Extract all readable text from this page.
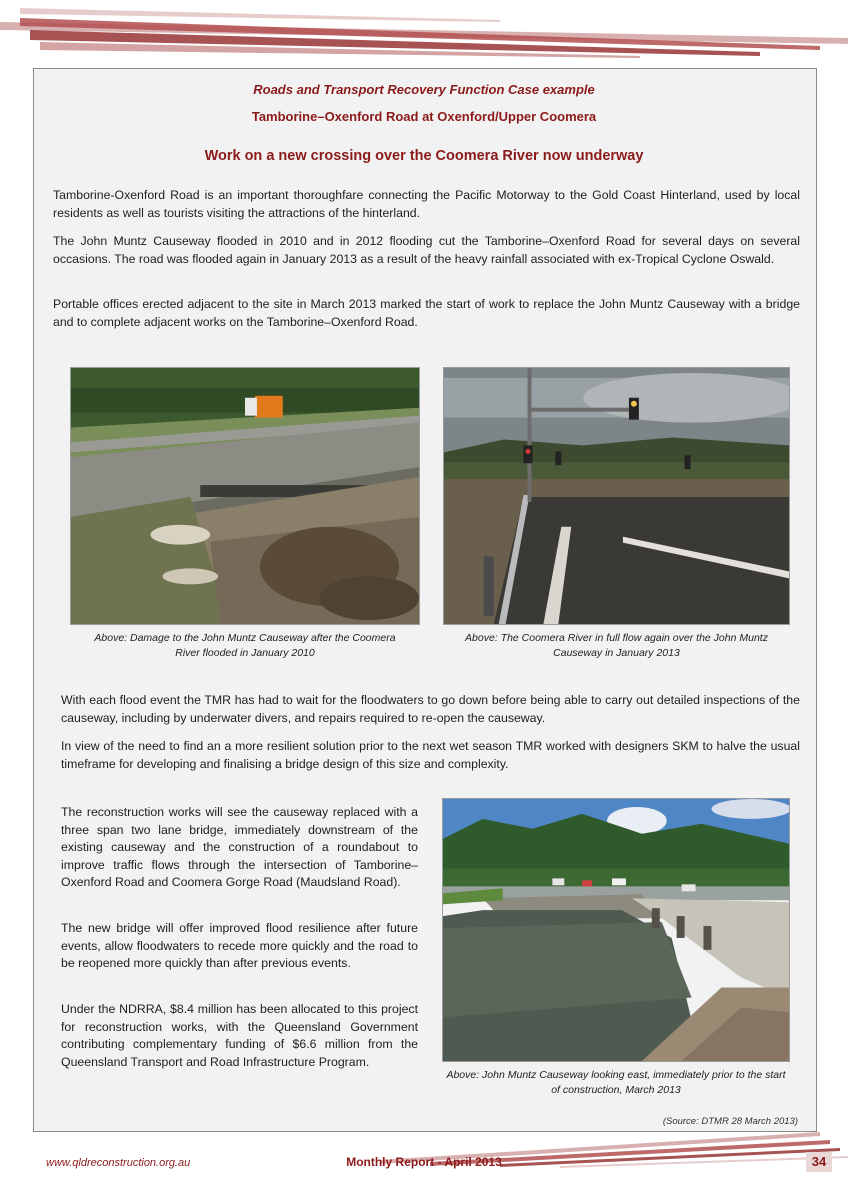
Roads and Transport Recovery Function Case example
Tamborine–Oxenford Road at Oxenford/Upper Coomera
Work on a new crossing over the Coomera River now underway

Tamborine-Oxenford Road is an important thoroughfare connecting the Pacific Motorway to the Gold Coast Hinterland, used by local residents as well as tourists visiting the attractions of the hinterland.

The John Muntz Causeway flooded in 2010 and in 2012 flooding cut the Tamborine–Oxenford Road for several days on several occasions. The road was flooded again in January 2013 as a result of the heavy rainfall associated with ex-Tropical Cyclone Oswald.

Portable offices erected adjacent to the site in March 2013 marked the start of work to replace the John Muntz Causeway with a bridge and to complete adjacent works on the Tamborine–Oxenford Road.

Above: Damage to the John Muntz Causeway after the Coomera River flooded in January 2010

Above: The Coomera River in full flow again over the John Muntz Causeway in January 2013

With each flood event the TMR has had to wait for the floodwaters to go down before being able to carry out detailed inspections of the causeway, including by underwater divers, and repairs required to re-open the causeway.

In view of the need to find an a more resilient solution prior to the next wet season TMR worked with designers SKM to halve the usual timeframe for developing and finalising a bridge design of this size and complexity.

The reconstruction works will see the causeway replaced with a three span two lane bridge, immediately downstream of the existing causeway and the construction of a roundabout to improve traffic flows through the intersection of Tamborine–Oxenford Road and Coomera Gorge Road (Maudsland Road).

The new bridge will offer improved flood resilience after future events, allow floodwaters to recede more quickly and the road to be reopened more quickly than after previous events.

Under the NDRRA, $8.4 million has been allocated to this project for reconstruction works, with the Queensland Government contributing complementary funding of $6.6 million from the Queensland Transport and Road Infrastructure Program.

Above: John Muntz Causeway looking east, immediately prior to the start of construction, March 2013

(Source: DTMR 28 March 2013)

www.qldreconstruction.org.au	Monthly Report - April 2013	34
